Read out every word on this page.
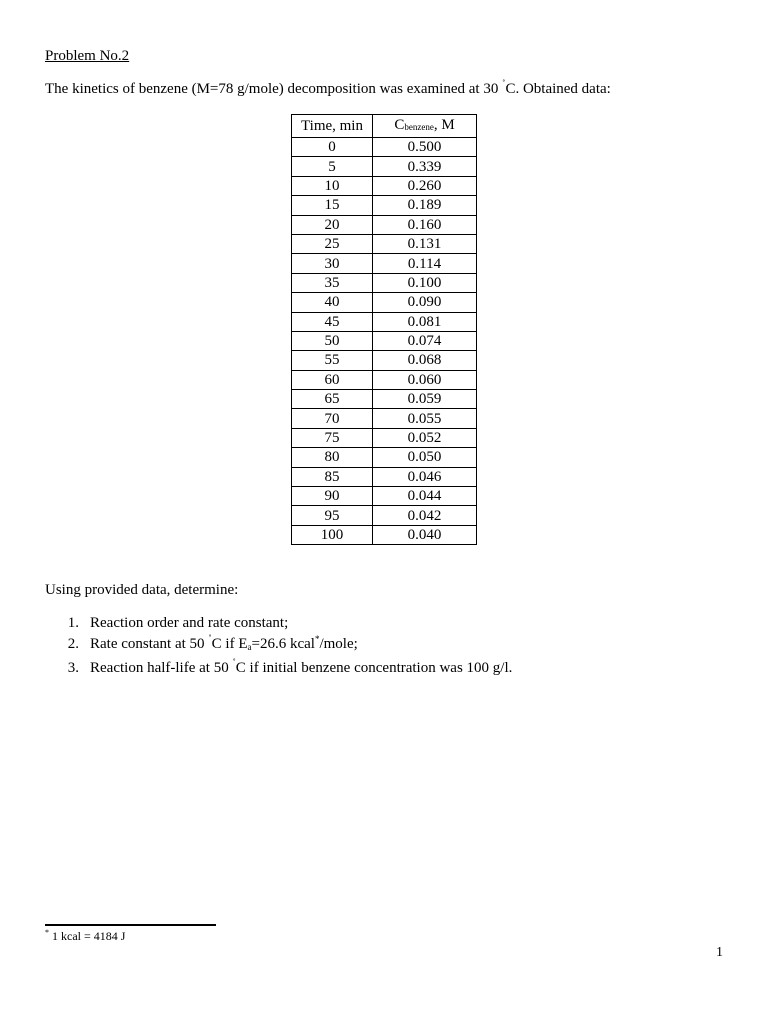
Problem No.2
The kinetics of benzene (M=78 g/mole) decomposition was examined at 30 ˚C. Obtained data:
Time, min	Cbenzene, M
0	0.500
5	0.339
10	0.260
15	0.189
20	0.160
25	0.131
30	0.114
35	0.100
40	0.090
45	0.081
50	0.074
55	0.068
60	0.060
65	0.059
70	0.055
75	0.052
80	0.050
85	0.046
90	0.044
95	0.042
100	0.040
Using provided data, determine:
1. Reaction order and rate constant;
2. Rate constant at 50 ˚C if Ea=26.6 kcal*/mole;
3. Reaction half-life at 50 ˚C if initial benzene concentration was 100 g/l.
* 1 kcal = 4184 J
1
